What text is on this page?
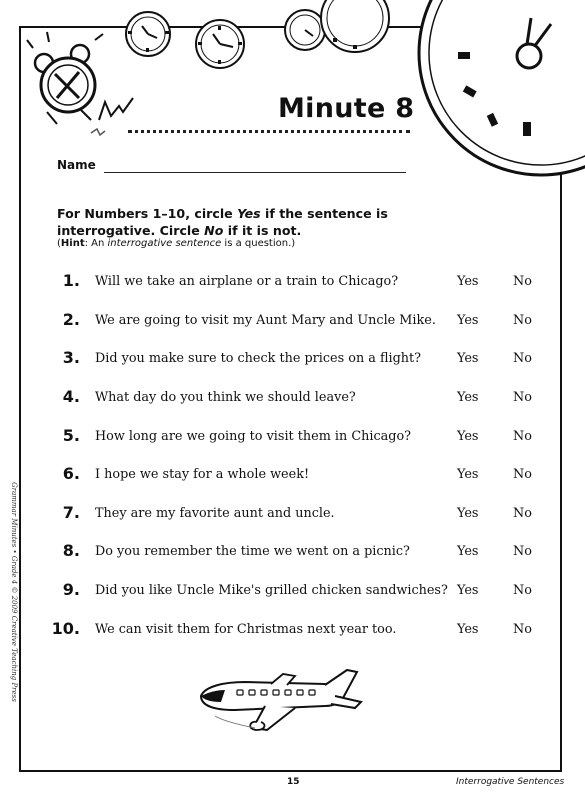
Grammar Minutes • Grade 4 © 2009 Creative Teaching Press
Minute 8
Name
For Numbers 1–10, circle Yes if the sentence is interrogative. Circle No if it is not.
(Hint: An interrogative sentence is a question.)
1. Will we take an airplane or a train to Chicago?	Yes	No
2. We are going to visit my Aunt Mary and Uncle Mike. Yes	No
3. Did you make sure to check the prices on a flight?	Yes	No
4. What day do you think we should leave?	Yes	No
5. How long are we going to visit them in Chicago?	Yes	No
6. I hope we stay for a whole week!	Yes	No
7. They are my favorite aunt and uncle.	Yes	No
8. Do you remember the time we went on a picnic?	Yes	No
9. Did you like Uncle Mike's grilled chicken sandwiches? Yes	No
10. We can visit them for Christmas next year too.	Yes	No
15	Interrogative Sentences
